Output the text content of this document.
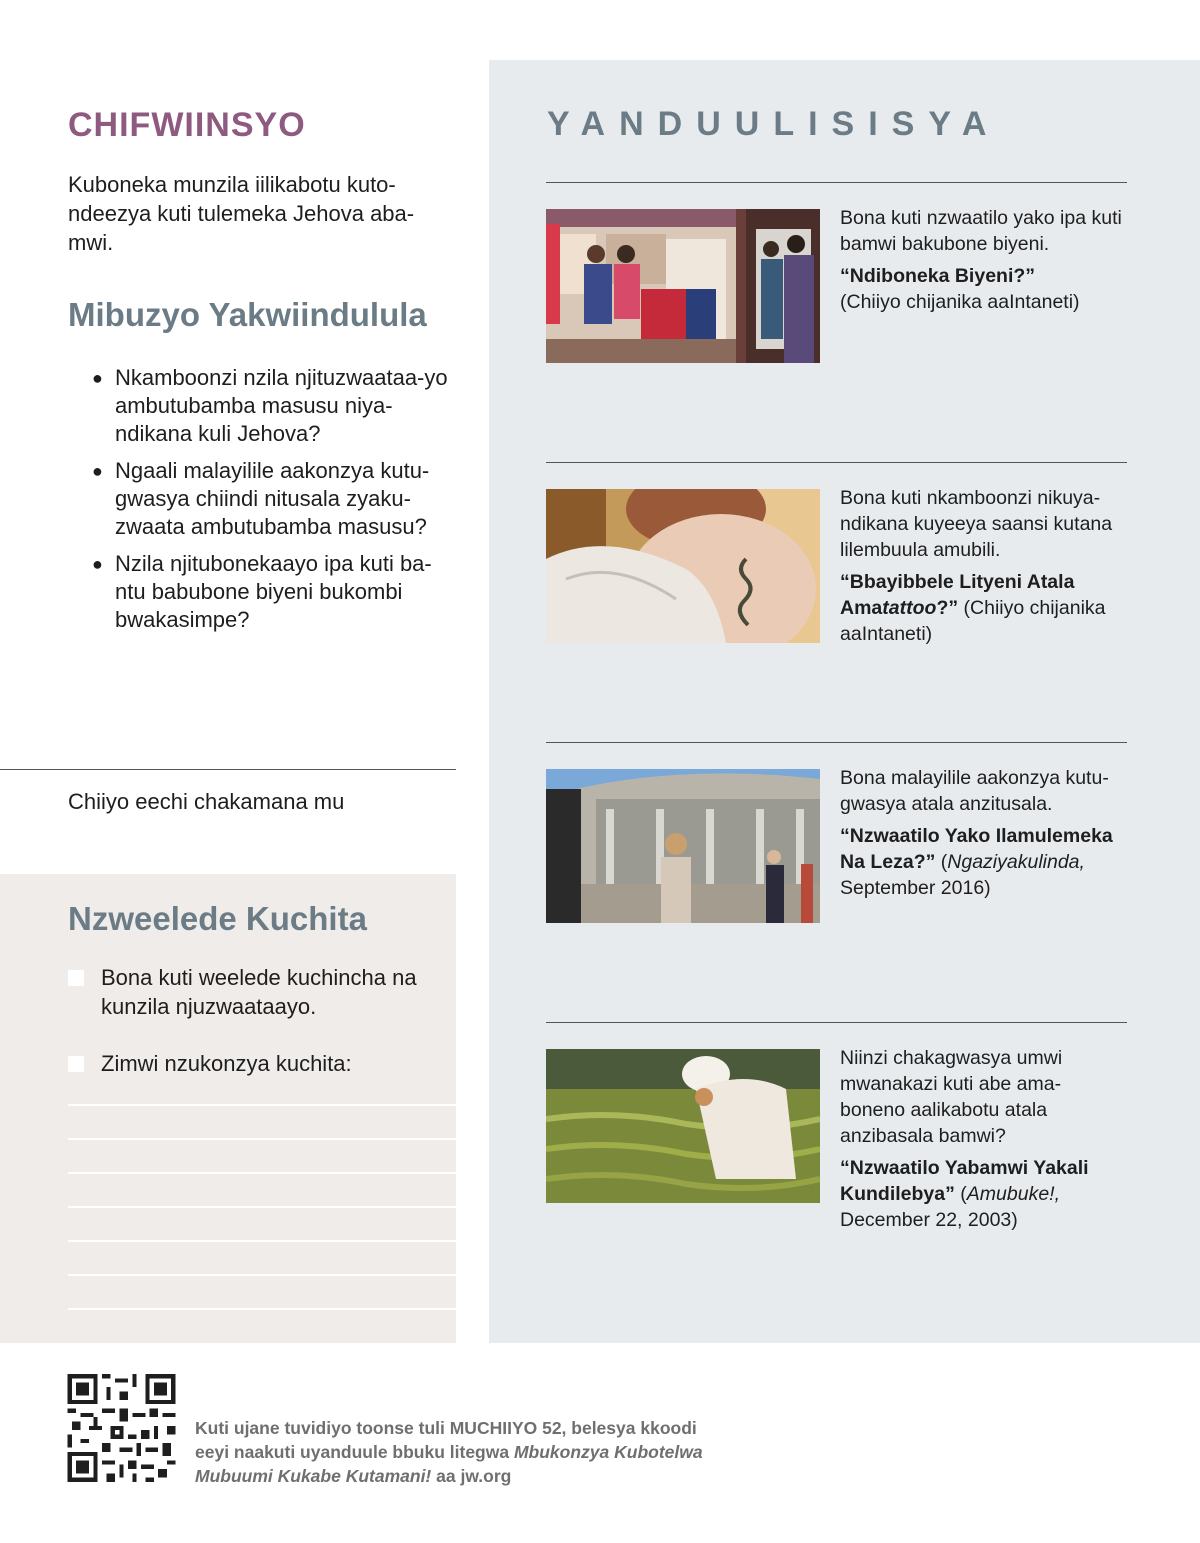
CHIFWIINSYO

Kuboneka munzila iilikabotu kuto-ndeezya kuti tulemeka Jehova aba-mwi.

Mibuzyo Yakwiindulula
● Nkamboonzi nzila njituzwaataa-yo ambutubamba masusu niya-ndikana kuli Jehova?
● Ngaali malayilile aakonzya kutu-gwasya chiindi nitusala zyaku-zwaata ambutubamba masusu?
● Nzila njitubonekaayo ipa kuti ba-ntu babubone biyeni bukombi bwakasimpe?

Chiiyo eechi chakamana mu

Nzweelede Kuchita
Bona kuti weelede kuchincha na kunzila njuzwaataayo.
Zimwi nzukonzya kuchita:
YANDUULISISYA

Bona kuti nzwaatilo yako ipa kuti bamwi bakubone biyeni.

“Ndiboneka Biyeni?”
(Chiiyo chijanika aaIntaneti)

Bona kuti nkamboonzi nikuya-ndikana kuyeeya saansi kutana lilembuula amubili.

“Bbayibbele Lityeni Atala Amatattoo?” (Chiiyo chijanika aaIntaneti)

Bona malayilile aakonzya kutu-gwasya atala anzitusala.

“Nzwaatilo Yako Ilamulemeka Na Leza?” (Ngaziyakulinda, September 2016)

Niinzi chakagwasya umwi mwanakazi kuti abe ama-boneno aalikabotu atala anzibasala bamwi?

“Nzwaatilo Yabamwi Yakali Kundilebya” (Amubuke!, December 22, 2003)

Kuti ujane tuvidiyo toonse tuli MUCHIIYO 52, belesya kkoodi eeyi naakuti uyanduule bbuku litegwa Mbukonzya Kubotelwa Mubuumi Kukabe Kutamani! aa jw.org
